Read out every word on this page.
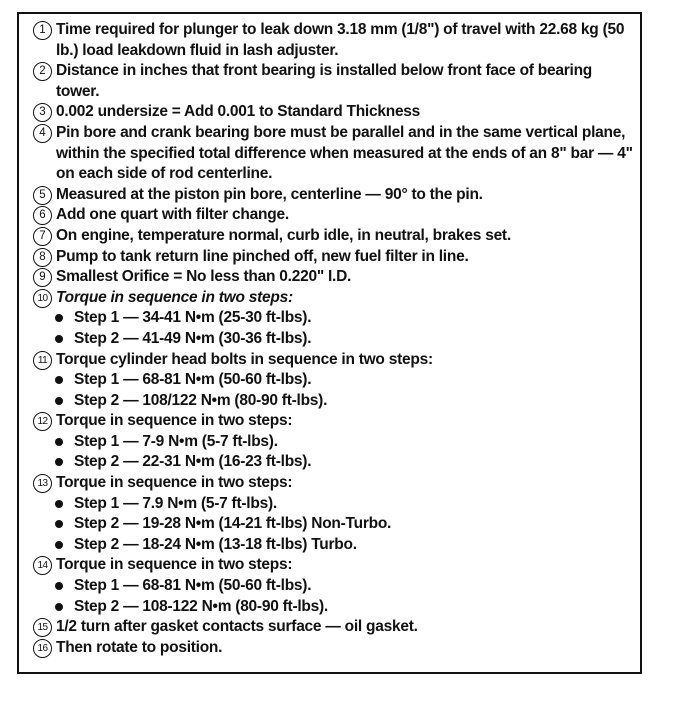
1 Time required for plunger to leak down 3.18 mm (1/8") of travel with 22.68 kg (50 lb.) load leakdown fluid in lash adjuster.
2 Distance in inches that front bearing is installed below front face of bearing tower.
3 0.002 undersize = Add 0.001 to Standard Thickness
4 Pin bore and crank bearing bore must be parallel and in the same vertical plane, within the specified total difference when measured at the ends of an 8" bar — 4" on each side of rod centerline.
5 Measured at the piston pin bore, centerline — 90° to the pin.
6 Add one quart with filter change.
7 On engine, temperature normal, curb idle, in neutral, brakes set.
8 Pump to tank return line pinched off, new fuel filter in line.
9 Smallest Orifice = No less than 0.220" I.D.
10 Torque in sequence in two steps:
Step 1 — 34-41 N•m (25-30 ft-lbs).
Step 2 — 41-49 N•m (30-36 ft-lbs).
11 Torque cylinder head bolts in sequence in two steps:
Step 1 — 68-81 N•m (50-60 ft-lbs).
Step 2 — 108/122 N•m (80-90 ft-lbs).
12 Torque in sequence in two steps:
Step 1 — 7-9 N•m (5-7 ft-lbs).
Step 2 — 22-31 N•m (16-23 ft-lbs).
13 Torque in sequence in two steps:
Step 1 — 7.9 N•m (5-7 ft-lbs).
Step 2 — 19-28 N•m (14-21 ft-lbs) Non-Turbo.
Step 2 — 18-24 N•m (13-18 ft-lbs) Turbo.
14 Torque in sequence in two steps:
Step 1 — 68-81 N•m (50-60 ft-lbs).
Step 2 — 108-122 N•m (80-90 ft-lbs).
15 1/2 turn after gasket contacts surface — oil gasket.
16 Then rotate to position.
